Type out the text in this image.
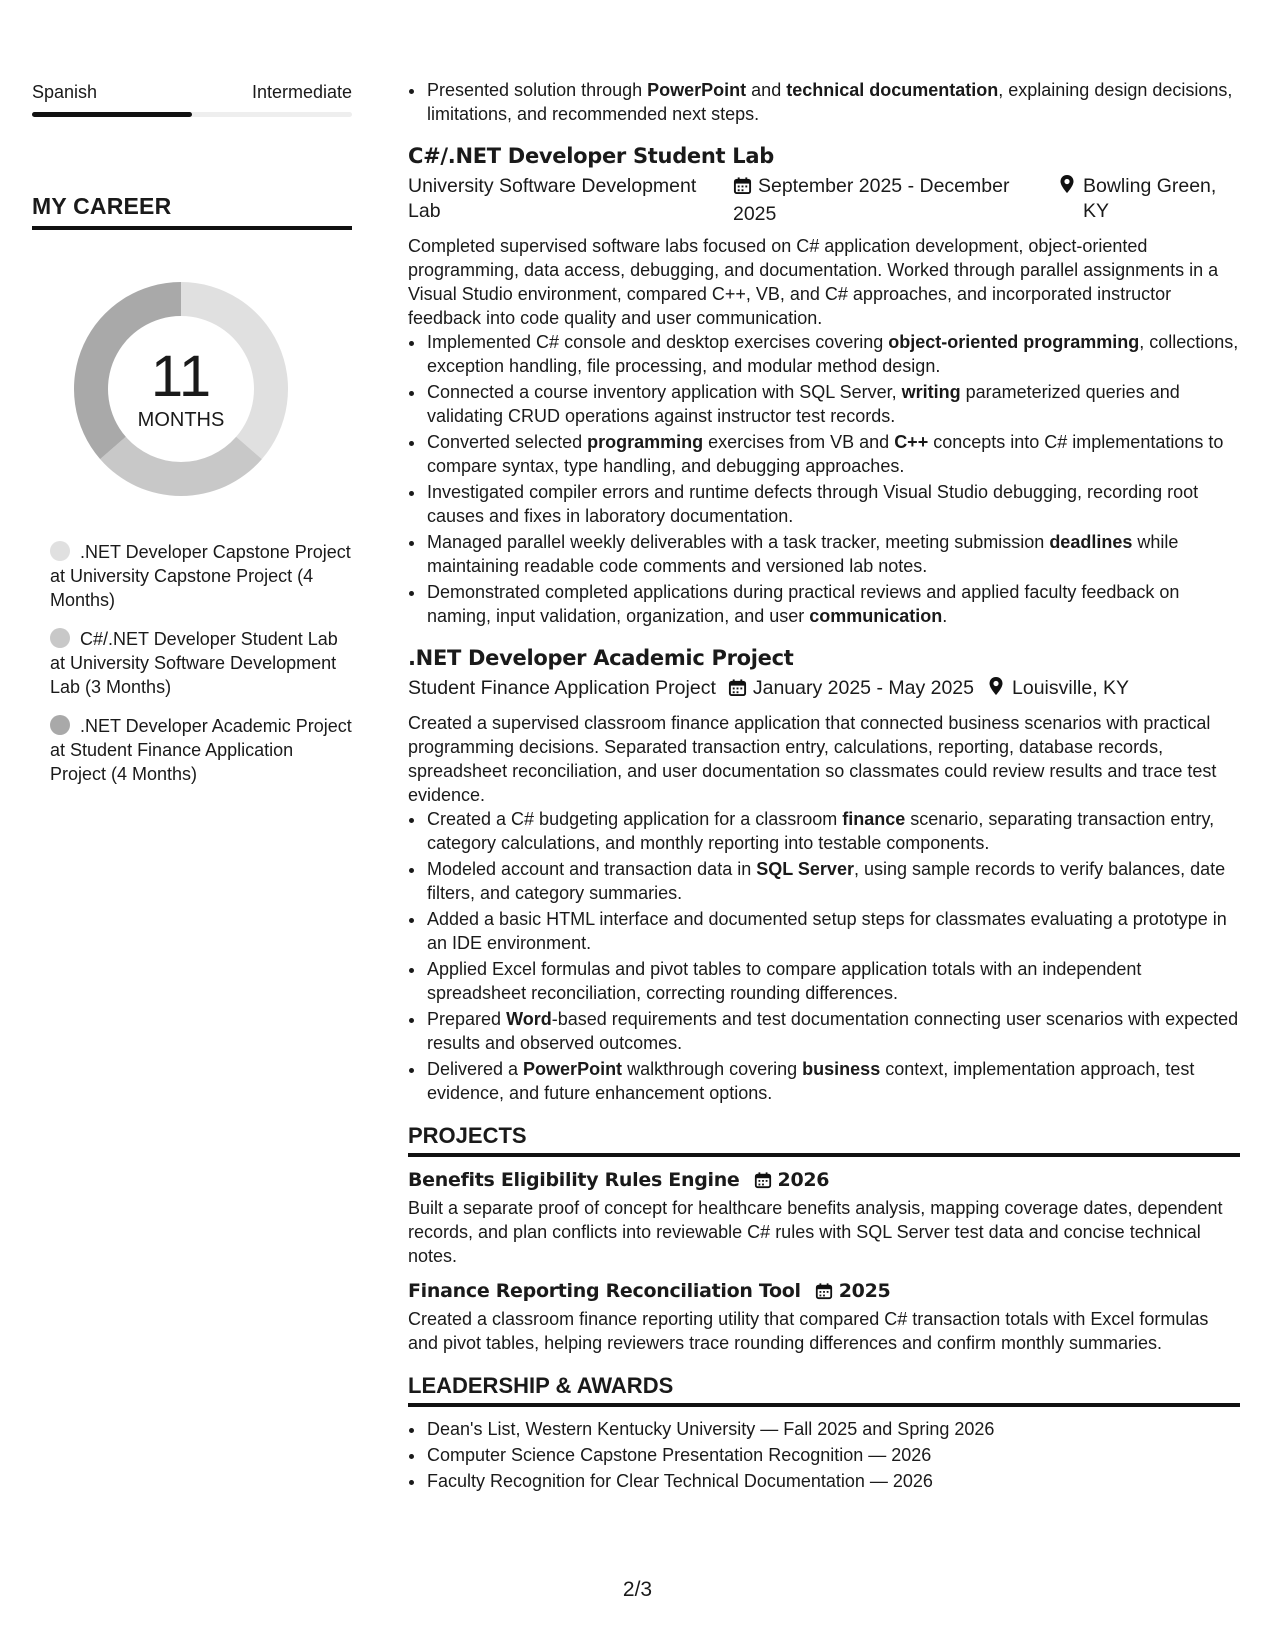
Spanish	Intermediate
MY CAREER
11
MONTHS
.NET Developer Capstone Project at University Capstone Project (4 Months)
C#/.NET Developer Student Lab at University Software Development Lab (3 Months)
.NET Developer Academic Project at Student Finance Application Project (4 Months)
• Presented solution through PowerPoint and technical documentation, explaining design decisions, limitations, and recommended next steps.
C#/.NET Developer Student Lab
University Software Development Lab
September 2025 - December 2025
Bowling Green, KY
Completed supervised software labs focused on C# application development, object-oriented programming, data access, debugging, and documentation. Worked through parallel assignments in a Visual Studio environment, compared C++, VB, and C# approaches, and incorporated instructor feedback into code quality and user communication.
• Implemented C# console and desktop exercises covering object-oriented programming, collections, exception handling, file processing, and modular method design.
• Connected a course inventory application with SQL Server, writing parameterized queries and validating CRUD operations against instructor test records.
• Converted selected programming exercises from VB and C++ concepts into C# implementations to compare syntax, type handling, and debugging approaches.
• Investigated compiler errors and runtime defects through Visual Studio debugging, recording root causes and fixes in laboratory documentation.
• Managed parallel weekly deliverables with a task tracker, meeting submission deadlines while maintaining readable code comments and versioned lab notes.
• Demonstrated completed applications during practical reviews and applied faculty feedback on naming, input validation, organization, and user communication.
.NET Developer Academic Project
Student Finance Application Project	January 2025 - May 2025 Louisville, KY
Created a supervised classroom finance application that connected business scenarios with practical programming decisions. Separated transaction entry, calculations, reporting, database records, spreadsheet reconciliation, and user documentation so classmates could review results and trace test evidence.
• Created a C# budgeting application for a classroom finance scenario, separating transaction entry, category calculations, and monthly reporting into testable components.
• Modeled account and transaction data in SQL Server, using sample records to verify balances, date filters, and category summaries.
• Added a basic HTML interface and documented setup steps for classmates evaluating a prototype in an IDE environment.
• Applied Excel formulas and pivot tables to compare application totals with an independent spreadsheet reconciliation, correcting rounding differences.
• Prepared Word-based requirements and test documentation connecting user scenarios with expected results and observed outcomes.
• Delivered a PowerPoint walkthrough covering business context, implementation approach, test evidence, and future enhancement options.
PROJECTS
Benefits Eligibility Rules Engine 2026
Built a separate proof of concept for healthcare benefits analysis, mapping coverage dates, dependent records, and plan conflicts into reviewable C# rules with SQL Server test data and concise technical notes.
Finance Reporting Reconciliation Tool 2025
Created a classroom finance reporting utility that compared C# transaction totals with Excel formulas and pivot tables, helping reviewers trace rounding differences and confirm monthly summaries.
LEADERSHIP & AWARDS
• Dean's List, Western Kentucky University — Fall 2025 and Spring 2026
• Computer Science Capstone Presentation Recognition — 2026
• Faculty Recognition for Clear Technical Documentation — 2026
2/3
